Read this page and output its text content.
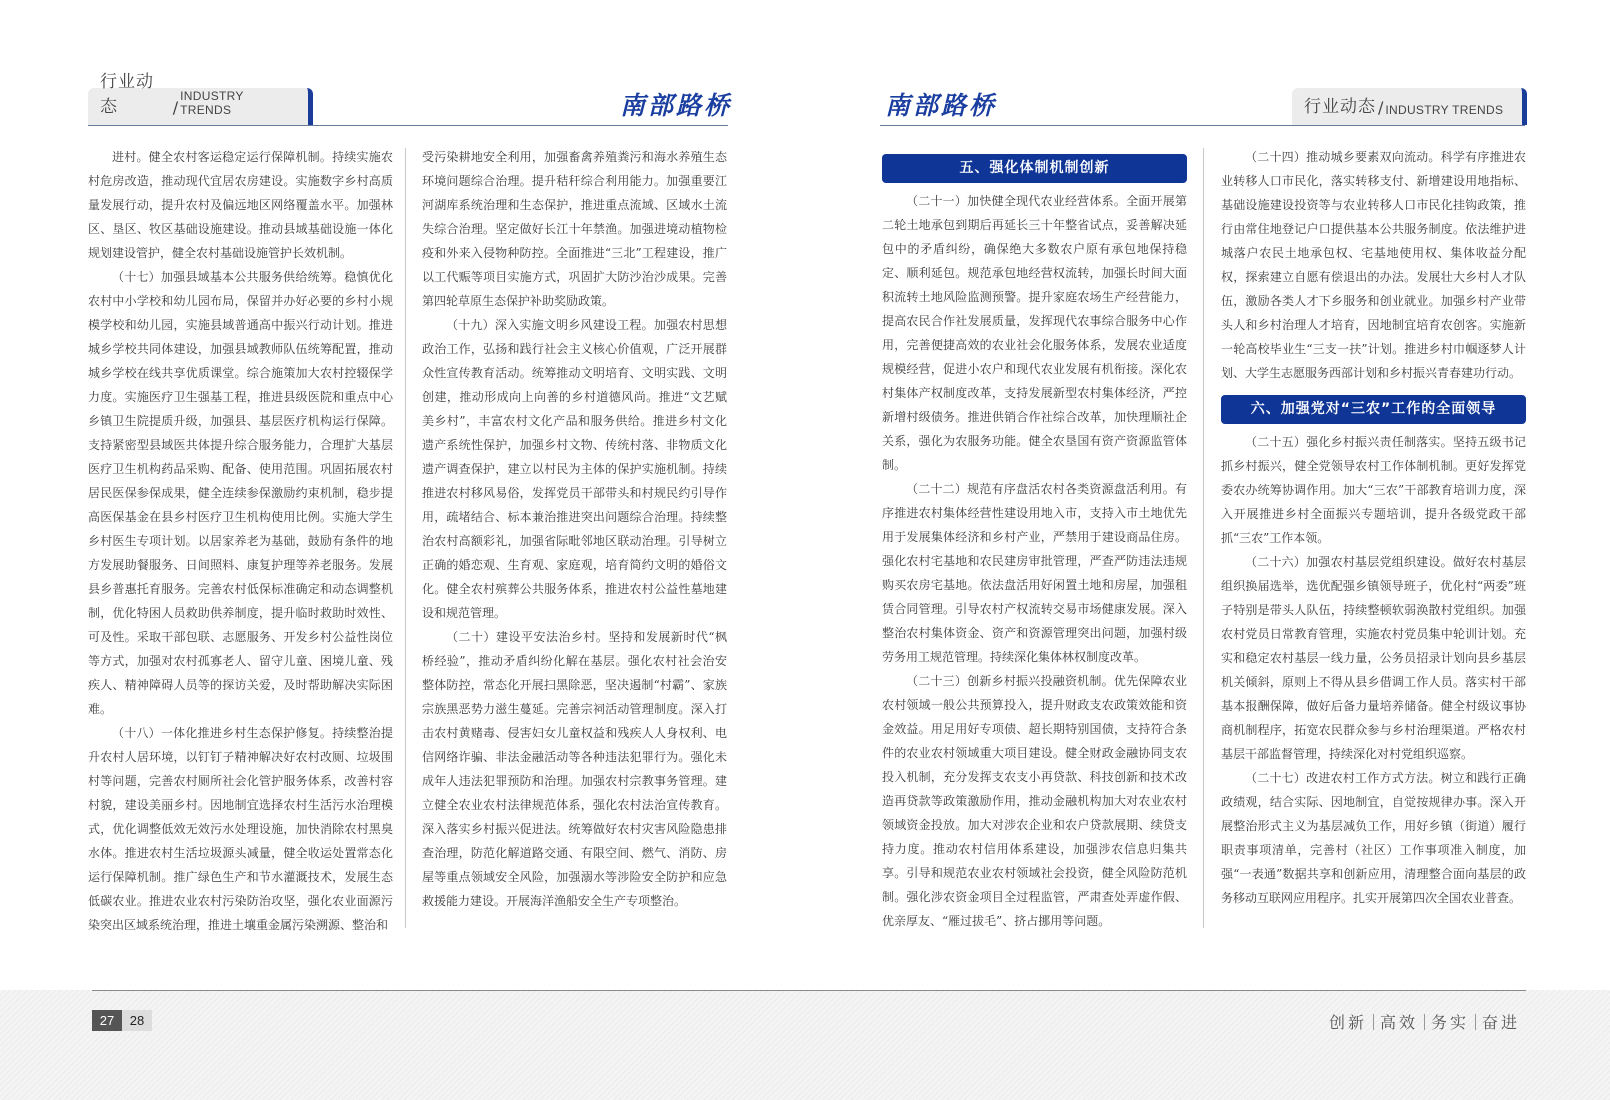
行业动态	/
INDUSTRY TRENDS	南部路桥

进村。健全农村客运稳定运行保障机制。持续实施农村危房改造，推动现代宜居农房建设。实施数字乡村高质量发展行动，提升农村及偏远地区网络覆盖水平。加强林区、垦区、牧区基础设施建设。推动县域基础设施一体化规划建设管护，健全农村基础设施管护长效机制。

（十七）加强县域基本公共服务供给统筹。稳慎优化农村中小学校和幼儿园布局，保留并办好必要的乡村小规模学校和幼儿园，实施县域普通高中振兴行动计划。推进城乡学校共同体建设，加强县域教师队伍统筹配置，推动城乡学校在线共享优质课堂。综合施策加大农村控辍保学力度。实施医疗卫生强基工程，推进县级医院和重点中心乡镇卫生院提质升级，加强县、基层医疗机构运行保障。支持紧密型县域医共体提升综合服务能力，合理扩大基层医疗卫生机构药品采购、配备、使用范围。巩固拓展农村居民医保参保成果，健全连续参保激励约束机制，稳步提高医保基金在县乡村医疗卫生机构使用比例。实施大学生乡村医生专项计划。以居家养老为基础，鼓励有条件的地方发展助餐服务、日间照料、康复护理等养老服务。发展县乡普惠托育服务。完善农村低保标准确定和动态调整机制，优化特困人员救助供养制度，提升临时救助时效性、可及性。采取干部包联、志愿服务、开发乡村公益性岗位等方式，加强对农村孤寡老人、留守儿童、困境儿童、残疾人、精神障碍人员等的探访关爱，及时帮助解决实际困难。

（十八）一体化推进乡村生态保护修复。持续整治提升农村人居环境，以钉钉子精神解决好农村改厕、垃圾围村等问题，完善农村厕所社会化管护服务体系，改善村容村貌，建设美丽乡村。因地制宜选择农村生活污水治理模式，优化调整低效无效污水处理设施，加快消除农村黑臭水体。推进农村生活垃圾源头减量，健全收运处置常态化运行保障机制。推广绿色生产和节水灌溉技术，发展生态低碳农业。推进农业农村污染防治攻坚，强化农业面源污染突出区域系统治理，推进土壤重金属污染溯源、整治和

受污染耕地安全利用，加强畜禽养殖粪污和海水养殖生态环境问题综合治理。提升秸秆综合利用能力。加强重要江河湖库系统治理和生态保护，推进重点流域、区域水土流失综合治理。坚定做好长江十年禁渔。加强进境动植物检疫和外来入侵物种防控。全面推进“三北”工程建设，推广以工代赈等项目实施方式，巩固扩大防沙治沙成果。完善第四轮草原生态保护补助奖励政策。

（十九）深入实施文明乡风建设工程。加强农村思想政治工作，弘扬和践行社会主义核心价值观，广泛开展群众性宣传教育活动。统筹推动文明培育、文明实践、文明创建，推动形成向上向善的乡村道德风尚。推进“文艺赋美乡村”，丰富农村文化产品和服务供给。推进乡村文化遗产系统性保护，加强乡村文物、传统村落、非物质文化遗产调查保护，建立以村民为主体的保护实施机制。持续推进农村移风易俗，发挥党员干部带头和村规民约引导作用，疏堵结合、标本兼治推进突出问题综合治理。持续整治农村高额彩礼，加强省际毗邻地区联动治理。引导树立正确的婚恋观、生育观、家庭观，培育简约文明的婚俗文化。健全农村殡葬公共服务体系，推进农村公益性墓地建设和规范管理。

（二十）建设平安法治乡村。坚持和发展新时代“枫桥经验”，推动矛盾纠纷化解在基层。强化农村社会治安整体防控，常态化开展扫黑除恶，坚决遏制“村霸”、家族宗族黑恶势力滋生蔓延。完善宗祠活动管理制度。深入打击农村黄赌毒、侵害妇女儿童权益和残疾人人身权利、电信网络诈骗、非法金融活动等各种违法犯罪行为。强化未成年人违法犯罪预防和治理。加强农村宗教事务管理。建立健全农业农村法律规范体系，强化农村法治宣传教育。深入落实乡村振兴促进法。统筹做好农村灾害风险隐患排查治理，防范化解道路交通、有限空间、燃气、消防、房屋等重点领域安全风险，加强溺水等涉险安全防护和应急救援能力建设。开展海洋渔船安全生产专项整治。

南部路桥	行业动态 / INDUSTRY TRENDS
五、强化体制机制创新

（二十一）加快健全现代农业经营体系。全面开展第二轮土地承包到期后再延长三十年整省试点，妥善解决延包中的矛盾纠纷，确保绝大多数农户原有承包地保持稳定、顺利延包。规范承包地经营权流转，加强长时间大面积流转土地风险监测预警。提升家庭农场生产经营能力，提高农民合作社发展质量，发挥现代农事综合服务中心作用，完善便捷高效的农业社会化服务体系，发展农业适度规模经营，促进小农户和现代农业发展有机衔接。深化农村集体产权制度改革，支持发展新型农村集体经济，严控新增村级债务。推进供销合作社综合改革，加快理顺社企关系，强化为农服务功能。健全农垦国有资产资源监管体制。

（二十二）规范有序盘活农村各类资源盘活利用。有序推进农村集体经营性建设用地入市，支持入市土地优先用于发展集体经济和乡村产业，严禁用于建设商品住房。强化农村宅基地和农民建房审批管理，严查严防违法违规购买农房宅基地。依法盘活用好闲置土地和房屋，加强租赁合同管理。引导农村产权流转交易市场健康发展。深入整治农村集体资金、资产和资源管理突出问题，加强村级劳务用工规范管理。持续深化集体林权制度改革。

（二十三）创新乡村振兴投融资机制。优先保障农业农村领域一般公共预算投入，提升财政支农政策效能和资金效益。用足用好专项债、超长期特别国债，支持符合条件的农业农村领域重大项目建设。健全财政金融协同支农投入机制，充分发挥支农支小再贷款、科技创新和技术改造再贷款等政策激励作用，推动金融机构加大对农业农村领域资金投放。加大对涉农企业和农户贷款展期、续贷支持力度。推动农村信用体系建设，加强涉农信息归集共享。引导和规范农业农村领域社会投资，健全风险防范机制。强化涉农资金项目全过程监管，严肃查处弄虚作假、优亲厚友、“雁过拔毛”、挤占挪用等问题。

（二十四）推动城乡要素双向流动。科学有序推进农业转移人口市民化，落实转移支付、新增建设用地指标、基础设施建设投资等与农业转移人口市民化挂钩政策，推行由常住地登记户口提供基本公共服务制度。依法维护进城落户农民土地承包权、宅基地使用权、集体收益分配权，探索建立自愿有偿退出的办法。发展壮大乡村人才队伍，激励各类人才下乡服务和创业就业。加强乡村产业带头人和乡村治理人才培育，因地制宜培育农创客。实施新一轮高校毕业生“三支一扶”计划。推进乡村巾帼逐梦人计划、大学生志愿服务西部计划和乡村振兴青春建功行动。

六、加强党对“三农”工作的全面领导

（二十五）强化乡村振兴责任制落实。坚持五级书记抓乡村振兴，健全党领导农村工作体制机制。更好发挥党委农办统筹协调作用。加大“三农”干部教育培训力度，深入开展推进乡村全面振兴专题培训，提升各级党政干部抓“三农”工作本领。

（二十六）加强农村基层党组织建设。做好农村基层组织换届选举，选优配强乡镇领导班子，优化村“两委”班子特别是带头人队伍，持续整顿软弱涣散村党组织。加强农村党员日常教育管理，实施农村党员集中轮训计划。充实和稳定农村基层一线力量，公务员招录计划向县乡基层机关倾斜，原则上不得从县乡借调工作人员。落实村干部基本报酬保障，做好后备力量培养储备。健全村级议事协商机制程序，拓宽农民群众参与乡村治理渠道。严格农村基层干部监督管理，持续深化对村党组织巡察。

（二十七）改进农村工作方式方法。树立和践行正确政绩观，结合实际、因地制宜，自觉按规律办事。深入开展整治形式主义为基层减负工作，用好乡镇（街道）履行职责事项清单，完善村（社区）工作事项准入制度，加强“一表通”数据共享和创新应用，清理整合面向基层的政务移动互联网应用程序。扎实开展第四次全国农业普查。

27	28	创新 高效 务实 奋进
